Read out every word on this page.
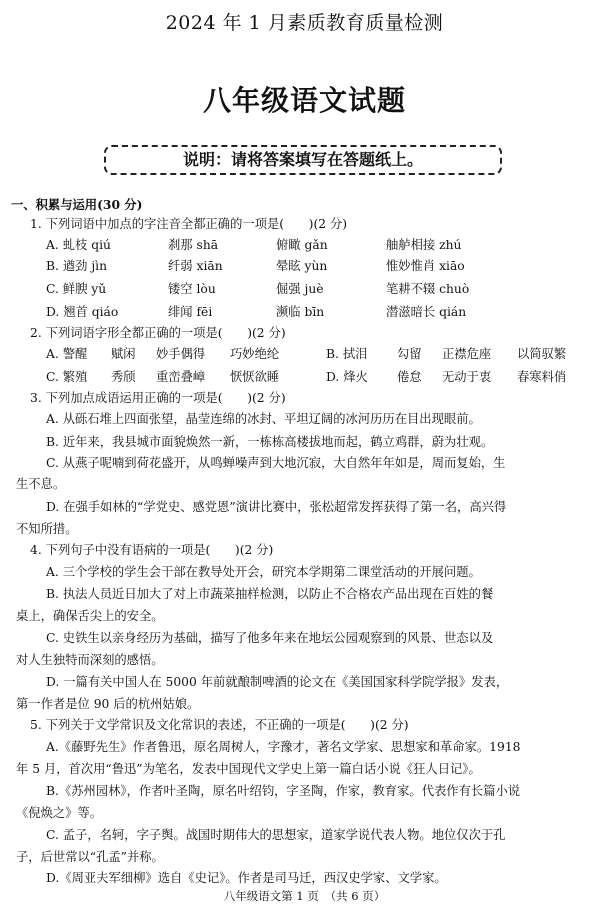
2024 年 1 月素质教育质量检测
八年级语文试题
说明：请将答案填写在答题纸上。
一、积累与运用(30 分)
1. 下列词语中加点的字注音全都正确的一项是(　　)(2 分)
A. 虬枝 qiú	刹那 shā	俯瞰 gǎn	舳舻相接 zhú
B. 遒劲 jìn	纤弱 xiān	晕眩 yùn	惟妙惟肖 xiāo
C. 鲜腴 yǔ	镂空 lòu	倔强 juè	笔耕不辍 chuò
D. 翘首 qiáo	绯闻 fēi	濒临 bīn	潜滋暗长 qián
2. 下列词语字形全都正确的一项是(　　)(2 分)
A. 警醒 赋闲 妙手偶得 巧妙绝纶	B. 拭泪 勾留 正襟危座 以简驭繁
C. 繁殖 秀颀 重峦叠嶂 恹恹欲睡	D. 烽火 倦怠 无动于衷 春寒料俏
3. 下列加点成语运用正确的一项是(　　)(2 分)
A. 从砾石堆上四面张望，晶莹连绵的冰封、平坦辽阔的冰河历历在目出现眼前。
B. 近年来，我县城市面貌焕然一新，一栋栋高楼拔地而起，鹤立鸡群，蔚为壮观。
C. 从燕子呢喃到荷花盛开，从鸣蝉噪声到大地沉寂，大自然年年如是，周而复始，生
生不息。
D. 在强手如林的“学党史、感党恩”演讲比赛中，张松超常发挥获得了第一名，高兴得
不知所措。
4. 下列句子中没有语病的一项是(　　)(2 分)
A. 三个学校的学生会干部在教导处开会，研究本学期第二课堂活动的开展问题。
B. 执法人员近日加大了对上市蔬菜抽样检测，以防止不合格农产品出现在百姓的餐
桌上，确保舌尖上的安全。
C. 史铁生以亲身经历为基础，描写了他多年来在地坛公园观察到的风景、世态以及
对人生独特而深刻的感悟。
D. 一篇有关中国人在 5000 年前就酿制啤酒的论文在《美国国家科学院学报》发表，
第一作者是位 90 后的杭州姑娘。
5. 下列关于文学常识及文化常识的表述，不正确的一项是(　　)(2 分)
A.《藤野先生》作者鲁迅，原名周树人，字豫才，著名文学家、思想家和革命家。1918
年 5 月，首次用“鲁迅”为笔名，发表中国现代文学史上第一篇白话小说《狂人日记》。
B.《苏州园林》，作者叶圣陶，原名叶绍钧，字圣陶，作家，教育家。代表作有长篇小说
《倪焕之》等。
C. 孟子，名轲，字子舆。战国时期伟大的思想家，道家学说代表人物。地位仅次于孔
子，后世常以“孔孟”并称。
D.《周亚夫军细柳》选自《史记》。作者是司马迁，西汉史学家、文学家。
八年级语文第 1 页　（共 6 页）
